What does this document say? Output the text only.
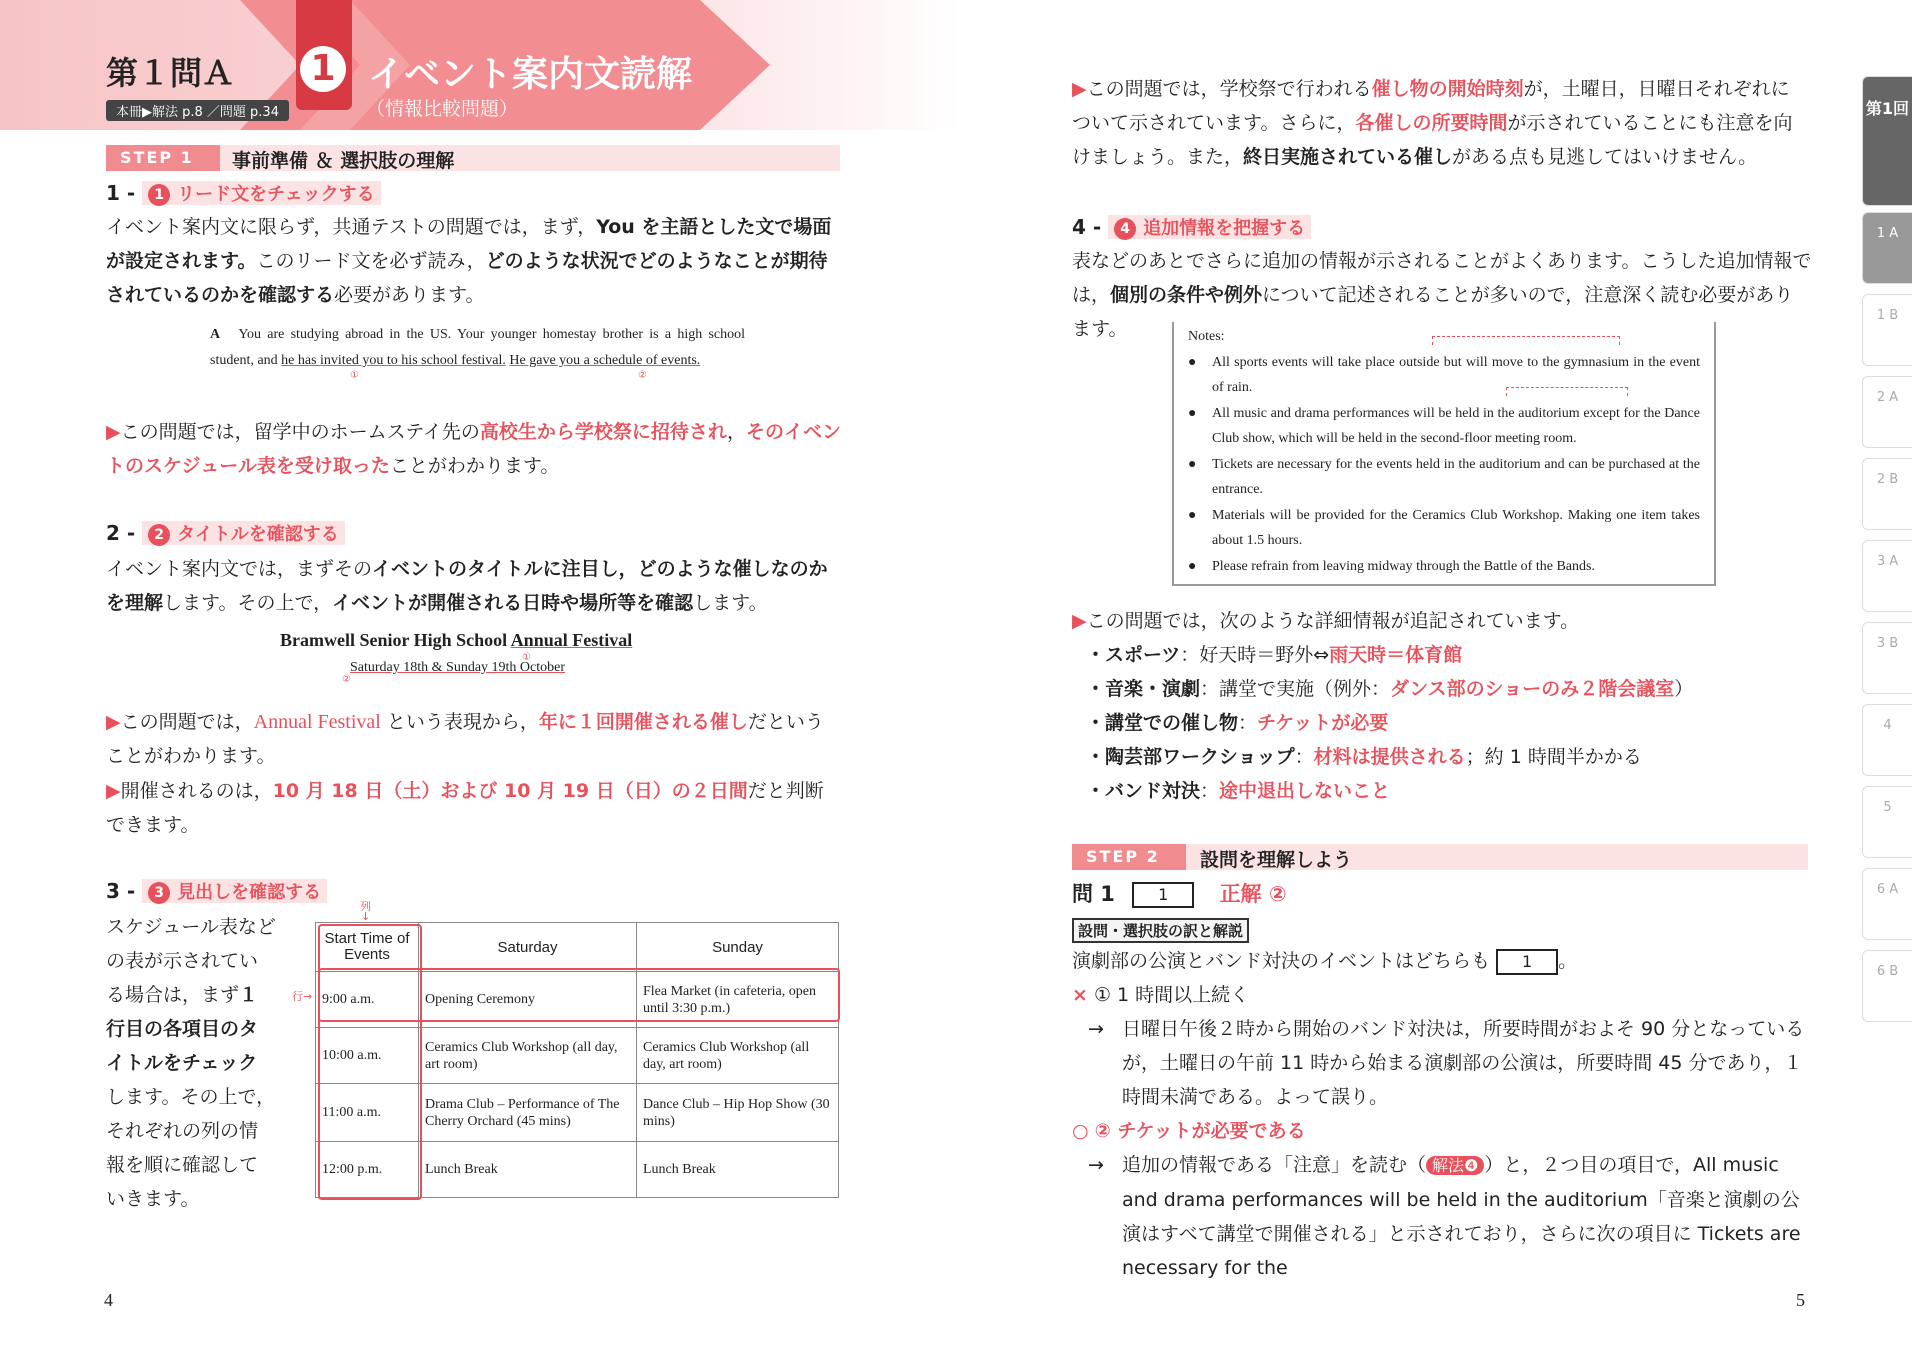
1
第１問Ａ
本冊▶解法 p.8 ／問題 p.34
イベント案内文読解
（情報比較問題）
STEP 1	事前準備 ＆ 選択肢の理解
1 - 1 リード文をチェックする
イベント案内文に限らず，共通テストの問題では，まず，You を主語とした文で場面が設定されます。このリード文を必ず読み，どのような状況でどのようなことが期待されているのかを確認する必要があります。
A You are studying abroad in the US. Your younger homestay brother is a high school student, and he has invited you to his school festival. He gave you a schedule of events.
①	②
▶この問題では，留学中のホームステイ先の高校生から学校祭に招待され，そのイベントのスケジュール表を受け取ったことがわかります。
2 - 2 タイトルを確認する
イベント案内文では，まずそのイベントのタイトルに注目し，どのような催しなのかを理解します。その上で，イベントが開催される日時や場所等を確認します。
Bramwell Senior High School Annual Festival
Saturday 18th & Sunday 19th October
①
②
▶この問題では，Annual Festival という表現から，年に１回開催される催しだということがわかります。
▶開催されるのは，10 月 18 日（土）および 10 月 19 日（日）の２日間だと判断できます。
3 - 3 見出しを確認する
スケジュール表などの表が示されている場合は，まず１行目の各項目のタイトルをチェックします。その上で，それぞれの列の情報を順に確認していきます。
列
↓
行→
Start Time of Events	Saturday	Sunday
9:00 a.m.	Opening Ceremony	Flea Market (in cafeteria, open until 3:30 p.m.)
10:00 a.m.	Ceramics Club Workshop (all day, art room)	Ceramics Club Workshop (all day, art room)
11:00 a.m.	Drama Club – Performance of The Cherry Orchard (45 mins)	Dance Club – Hip Hop Show (30 mins)
12:00 p.m.	Lunch Break	Lunch Break
4
▶この問題では，学校祭で行われる催し物の開始時刻が，土曜日，日曜日それぞれについて示されています。さらに，各催しの所要時間が示されていることにも注意を向けましょう。また，終日実施されている催しがある点も見逃してはいけません。
4 - 4 追加情報を把握する
表などのあとでさらに追加の情報が示されることがよくあります。こうした追加情報では，個別の条件や例外について記述されることが多いので，注意深く読む必要があります。	Notes:
●	All sports events will take place outside but will move to the gymnasium in the event of rain.
●	All music and drama performances will be held in the auditorium except for the Dance Club show, which will be held in the second-floor meeting room.
●	Tickets are necessary for the events held in the auditorium and can be purchased at the entrance.
●	Materials will be provided for the Ceramics Club Workshop. Making one item takes about 1.5 hours.
●	Please refrain from leaving midway through the Battle of the Bands.
▶この問題では，次のような詳細情報が追記されています。
・スポーツ：好天時＝野外⇔雨天時＝体育館
・音楽・演劇：講堂で実施（例外：ダンス部のショーのみ２階会議室）
・講堂での催し物：チケットが必要
・陶芸部ワークショップ：材料は提供される；約 1 時間半かかる
・バンド対決：途中退出しないこと
STEP 2	設問を理解しよう
問 1	1 正解 ②
設問・選択肢の訳と解説
演劇部の公演とバンド対決のイベントはどちらも 1 。
× ① 1 時間以上続く
→ 日曜日午後２時から開始のバンド対決は，所要時間がおよそ 90 分となっているが，土曜日の午前 11 時から始まる演劇部の公演は，所要時間 45 分であり，１時間未満である。よって誤り。
○ ② チケットが必要である
→ 追加の情報である「注意」を読む（ 解法❹ ）と，２つ目の項目で，All music and drama performances will be held in the auditorium「音楽と演劇の公演はすべて講堂で開催される」と示されており，さらに次の項目に Tickets are necessary for the
5
第1回
1 A
1 B
2 A
2 B
3 A
3 B
4
5
6 A
6 B
